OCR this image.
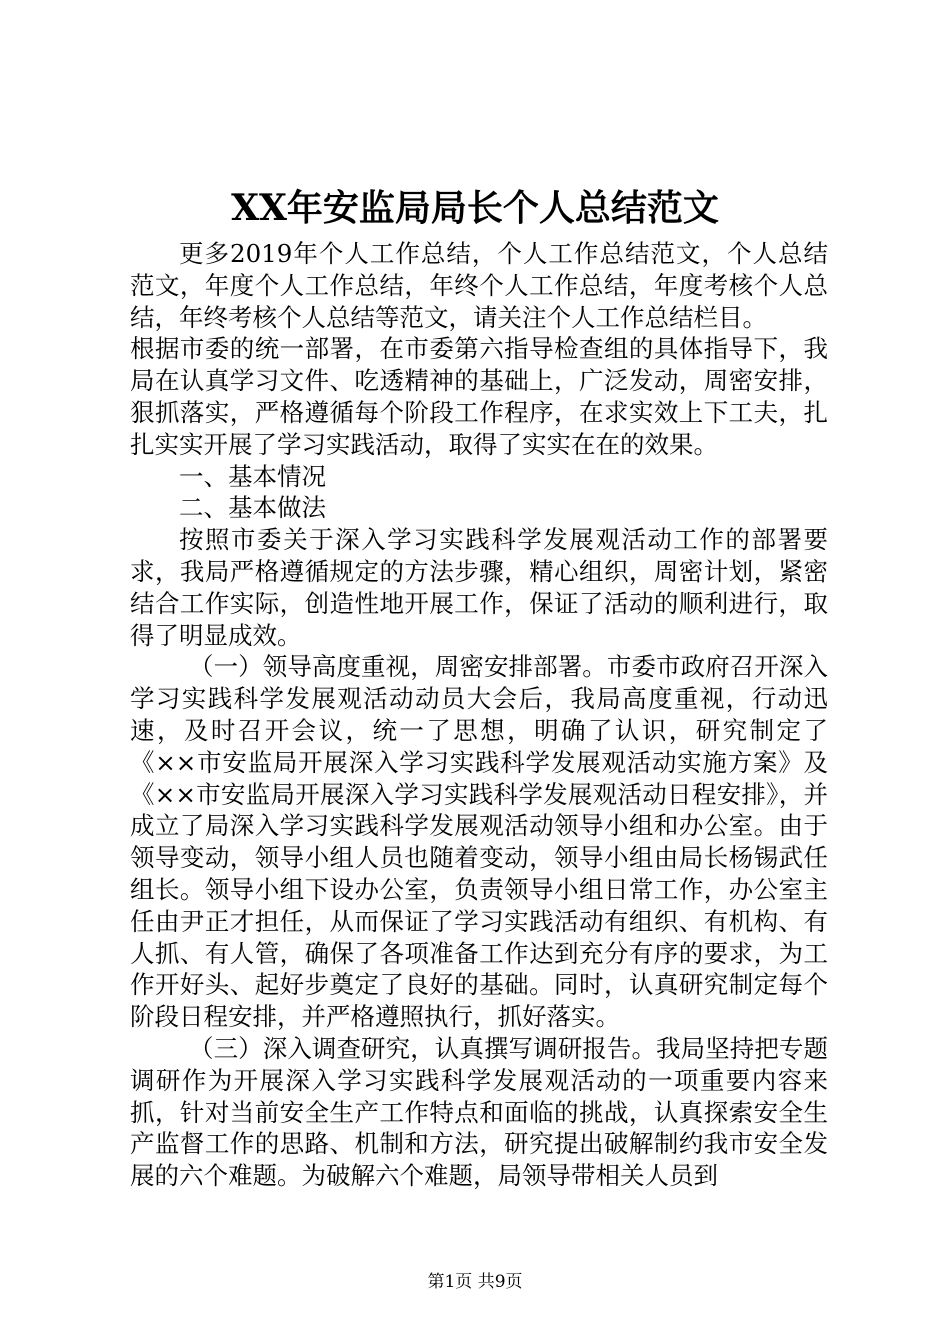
XX年安监局局长个人总结范文

更多2019年个人工作总结，个人工作总结范文，个人总结范文，年度个人工作总结，年终个人工作总结，年度考核个人总结，年终考核个人总结等范文，请关注个人工作总结栏目。

根据市委的统一部署，在市委第六指导检查组的具体指导下，我局在认真学习文件、吃透精神的基础上，广泛发动，周密安排，狠抓落实，严格遵循每个阶段工作程序，在求实效上下工夫，扎扎实实开展了学习实践活动，取得了实实在在的效果。

一、基本情况

二、基本做法

按照市委关于深入学习实践科学发展观活动工作的部署要求，我局严格遵循规定的方法步骤，精心组织，周密计划，紧密结合工作实际，创造性地开展工作，保证了活动的顺利进行，取得了明显成效。

（一）领导高度重视，周密安排部署。市委市政府召开深入学习实践科学发展观活动动员大会后，我局高度重视，行动迅速，及时召开会议，统一了思想，明确了认识，研究制定了《××市安监局开展深入学习实践科学发展观活动实施方案》及《××市安监局开展深入学习实践科学发展观活动日程安排》，并成立了局深入学习实践科学发展观活动领导小组和办公室。由于领导变动，领导小组人员也随着变动，领导小组由局长杨锡武任组长。领导小组下设办公室，负责领导小组日常工作，办公室主任由尹正才担任，从而保证了学习实践活动有组织、有机构、有人抓、有人管，确保了各项准备工作达到充分有序的要求，为工作开好头、起好步奠定了良好的基础。同时，认真研究制定每个阶段日程安排，并严格遵照执行，抓好落实。

（三）深入调查研究，认真撰写调研报告。我局坚持把专题调研作为开展深入学习实践科学发展观活动的一项重要内容来抓，针对当前安全生产工作特点和面临的挑战，认真探索安全生产监督工作的思路、机制和方法，研究提出破解制约我市安全发展的六个难题。为破解六个难题，局领导带相关人员到

第1页 共9页
